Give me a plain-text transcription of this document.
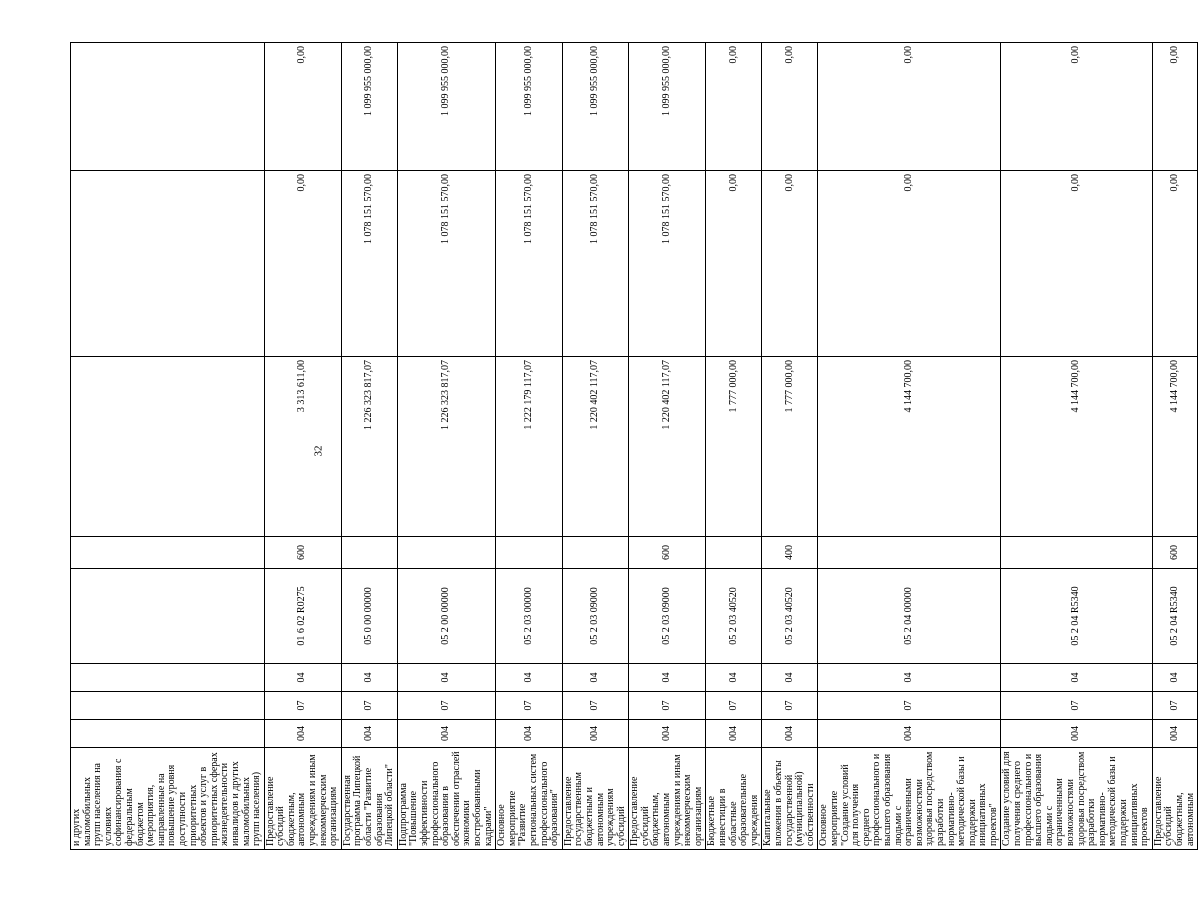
32
и других маломобильных групп населения на условиях софинансирования с федеральным бюджетом (мероприятия, направленные на повышение уровня доступности приоритетных объектов и услуг в приоритетных сферах жизнедеятельности инвалидов и других маломобильных групп населения)								
Предоставление субсидий бюджетным, автономным учреждениям и иным некоммерческим организациям	004	07	04	01 6 02 R0275	600	3 313 611,00	0,00	0,00
Государственная программа Липецкой области "Развитие образования Липецкой области"	004	07	04	05 0 00 00000		1 226 323 817,07	1 078 151 570,00	1 099 955 000,00
Подпрограмма "Повышение эффективности профессионального образования в обеспечении отраслей экономики востребованными кадрами"	004	07	04	05 2 00 00000		1 226 323 817,07	1 078 151 570,00	1 099 955 000,00
Основное мероприятие "Развитие региональных систем профессионального образования"	004	07	04	05 2 03 00000		1 222 179 117,07	1 078 151 570,00	1 099 955 000,00
Предоставление государственным бюджетным и автономным учреждениям субсидий	004	07	04	05 2 03 09000		1 220 402 117,07	1 078 151 570,00	1 099 955 000,00
Предоставление субсидий бюджетным, автономным учреждениям и иным некоммерческим организациям	004	07	04	05 2 03 09000	600	1 220 402 117,07	1 078 151 570,00	1 099 955 000,00
Бюджетные инвестиции в областные образовательные учреждения	004	07	04	05 2 03 40520		1 777 000,00	0,00	0,00
Капитальные вложения в объекты государственной (муниципальной) собственности	004	07	04	05 2 03 40520	400	1 777 000,00	0,00	0,00
Основное мероприятие "Создание условий для получения среднего профессионального и высшего образования людьми с ограниченными возможностями здоровья посредством разработки нормативно-методической базы и поддержки инициативных проектов"	004	07	04	05 2 04 00000		4 144 700,00	0,00	0,00
Создание условий для получения среднего профессионального и высшего образования людьми с ограниченными возможностями здоровья посредством разработки нормативно-методической базы и поддержки инициативных проектов	004	07	04	05 2 04 R5340		4 144 700,00	0,00	0,00
Предоставление субсидий бюджетным, автономным	004	07	04	05 2 04 R5340	600	4 144 700,00	0,00	0,00
